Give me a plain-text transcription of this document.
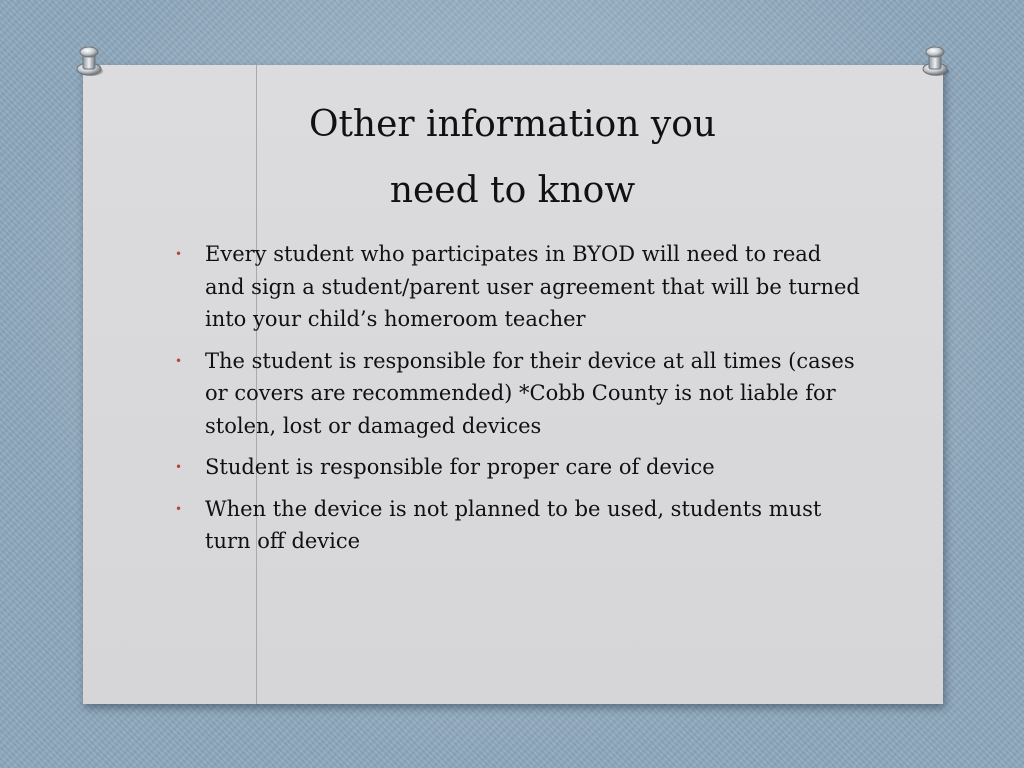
Other information you
need to know
• Every student who participates in BYOD will need to read and sign a student/parent user agreement that will be turned into your child’s homeroom teacher
• The student is responsible for their device at all times (cases or covers are recommended) *Cobb County is not liable for stolen, lost or damaged devices
• Student is responsible for proper care of device
• When the device is not planned to be used, students must turn off device
